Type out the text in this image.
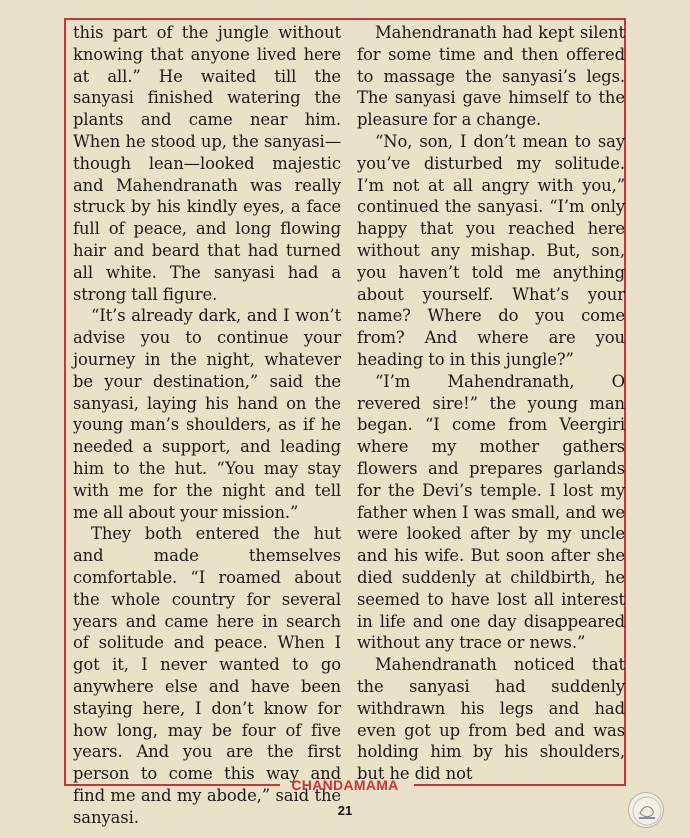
this part of the jungle without knowing that anyone lived here at all.” He waited till the sanyasi finished watering the plants and came near him. When he stood up, the sanyasi—though lean—looked majestic and Mahendranath was really struck by his kindly eyes, a face full of peace, and long flowing hair and beard that had turned all white. The sanyasi had a strong tall figure.

“It’s already dark, and I won’t advise you to continue your journey in the night, whatever be your destination,” said the sanyasi, laying his hand on the young man’s shoulders, as if he needed a support, and leading him to the hut. “You may stay with me for the night and tell me all about your mission.”

They both entered the hut and made themselves comfortable. “I roamed about the whole country for several years and came here in search of solitude and peace. When I got it, I never wanted to go anywhere else and have been staying here, I don’t know for how long, may be four of five years. And you are the first person to come this way and find me and my abode,” said the sanyasi.

Mahendranath had kept silent for some time and then offered to massage the sanyasi’s legs. The sanyasi gave himself to the pleasure for a change.

“No, son, I don’t mean to say you’ve disturbed my solitude. I’m not at all angry with you,” continued the sanyasi. “I’m only happy that you reached here without any mishap. But, son, you haven’t told me anything about yourself. What’s your name? Where do you come from? And where are you heading to in this jungle?”

“I’m Mahendranath, O revered sire!” the young man began. “I come from Veergiri where my mother gathers flowers and prepares garlands for the Devi’s temple. I lost my father when I was small, and we were looked after by my uncle and his wife. But soon after she died suddenly at childbirth, he seemed to have lost all interest in life and one day disappeared without any trace or news.”

Mahendranath noticed that the sanyasi had suddenly withdrawn his legs and had even got up from bed and was holding him by his shoulders, but he did not

CHANDAMAMA
21
